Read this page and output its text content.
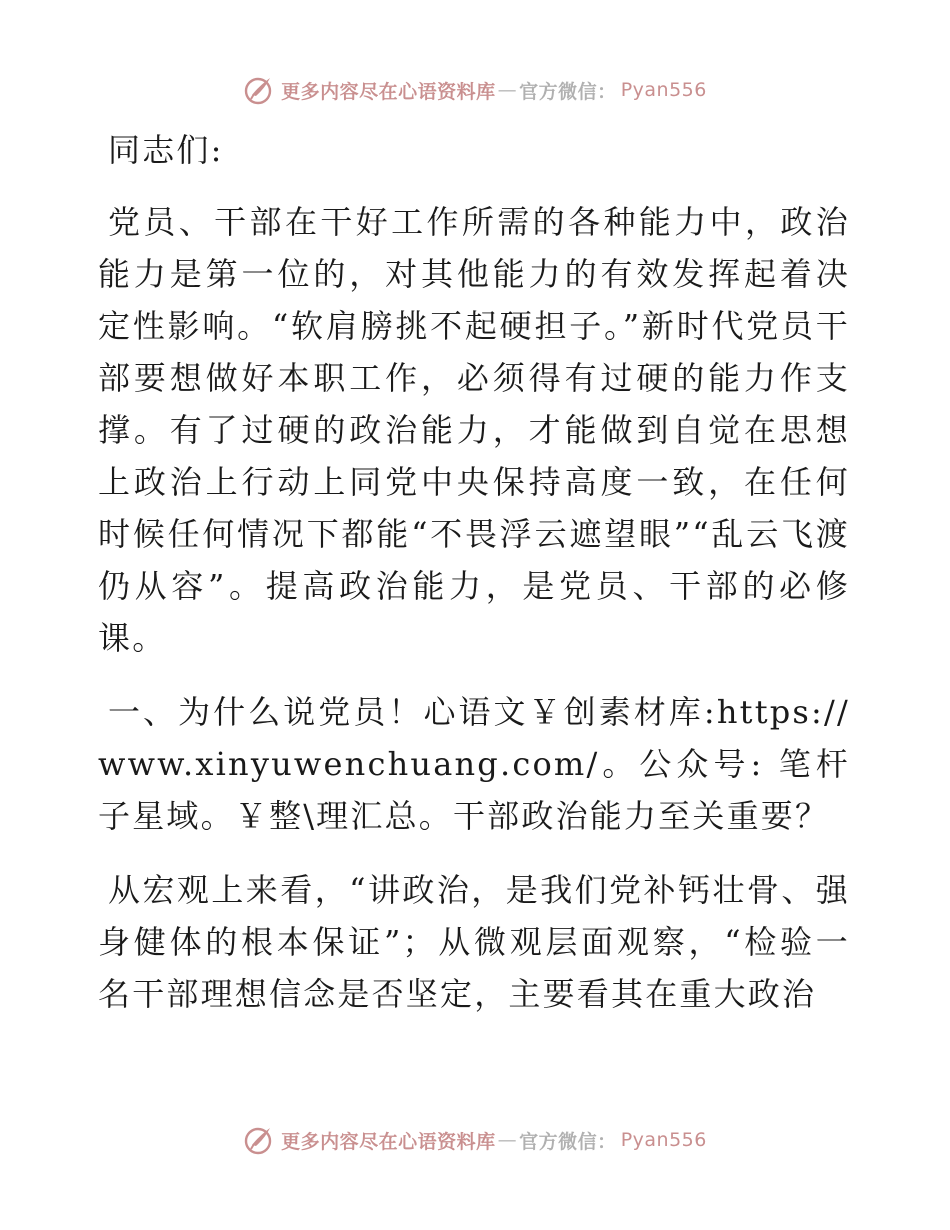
更多内容尽在心语资料库 — 官方微信： Pyan556

同志们:

党员、干部在干好工作所需的各种能力中，政治能力是第一位的，对其他能力的有效发挥起着决定性影响。“软肩膀挑不起硬担子。”新时代党员干部要想做好本职工作，必须得有过硬的能力作支撑。有了过硬的政治能力，才能做到自觉在思想上政治上行动上同党中央保持高度一致，在任何时候任何情况下都能“不畏浮云遮望眼”“乱云飞渡仍从容”。提高政治能力，是党员、干部的必修课。

一、为什么说党员！心语文￥创素材库:https://www.xinyuwenchuang.com/。公众号: 笔杆子星域。￥整\理汇总。干部政治能力至关重要？

从宏观上来看，“讲政治，是我们党补钙壮骨、强身健体的根本保证”；从微观层面观察，“检验一名干部理想信念是否坚定，主要看其在重大政治

更多内容尽在心语资料库 — 官方微信： Pyan556
